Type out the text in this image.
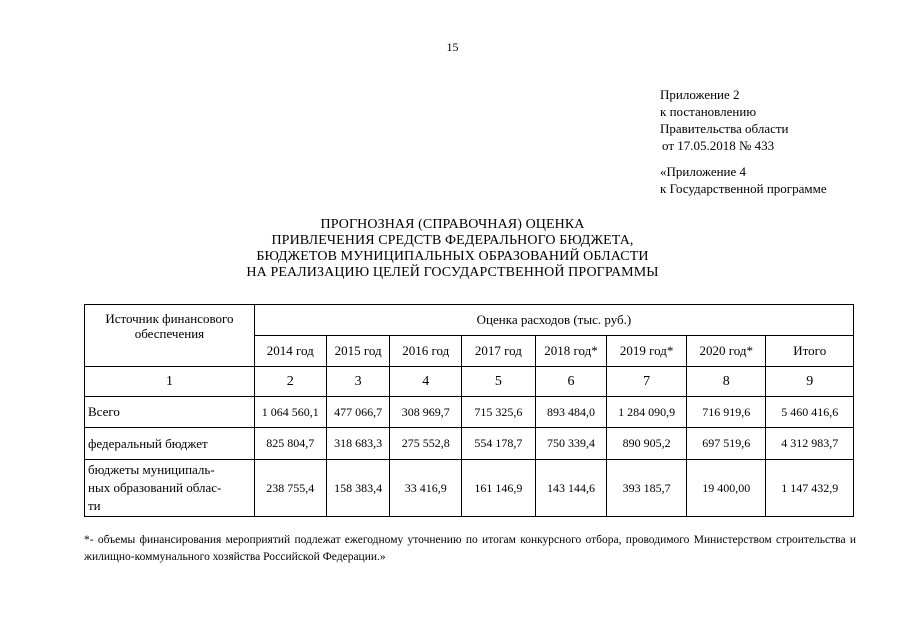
15
Приложение 2
к постановлению
Правительства области
от 17.05.2018 № 433
«Приложение 4
к Государственной программе
ПРОГНОЗНАЯ (СПРАВОЧНАЯ) ОЦЕНКА
ПРИВЛЕЧЕНИЯ СРЕДСТВ ФЕДЕРАЛЬНОГО БЮДЖЕТА,
БЮДЖЕТОВ МУНИЦИПАЛЬНЫХ ОБРАЗОВАНИЙ ОБЛАСТИ
НА РЕАЛИЗАЦИЮ ЦЕЛЕЙ ГОСУДАРСТВЕННОЙ ПРОГРАММЫ
Источник финансового
обеспечения	Оценка расходов (тыс. руб.)							
	2014 год	2015 год	2016 год	2017 год	2018 год*	2019 год*	2020 год*	Итого
1	2	3	4	5	6	7	8	9
Всего	1 064 560,1	477 066,7	308 969,7	715 325,6	893 484,0	1 284 090,9	716 919,6	5 460 416,6
федеральный бюджет	825 804,7	318 683,3	275 552,8	554 178,7	750 339,4	890 905,2	697 519,6	4 312 983,7

бюджеты муниципаль-
ных образований облас-
ти	238 755,4	158 383,4	33 416,9	161 146,9	143 144,6	393 185,7	19 400,00	1 147 432,9
*- объемы финансирования мероприятий подлежат ежегодному уточнению по итогам конкурсного отбора, проводимого Министерством строительства и жилищно-коммунального хозяйства Российской Федерации.»
